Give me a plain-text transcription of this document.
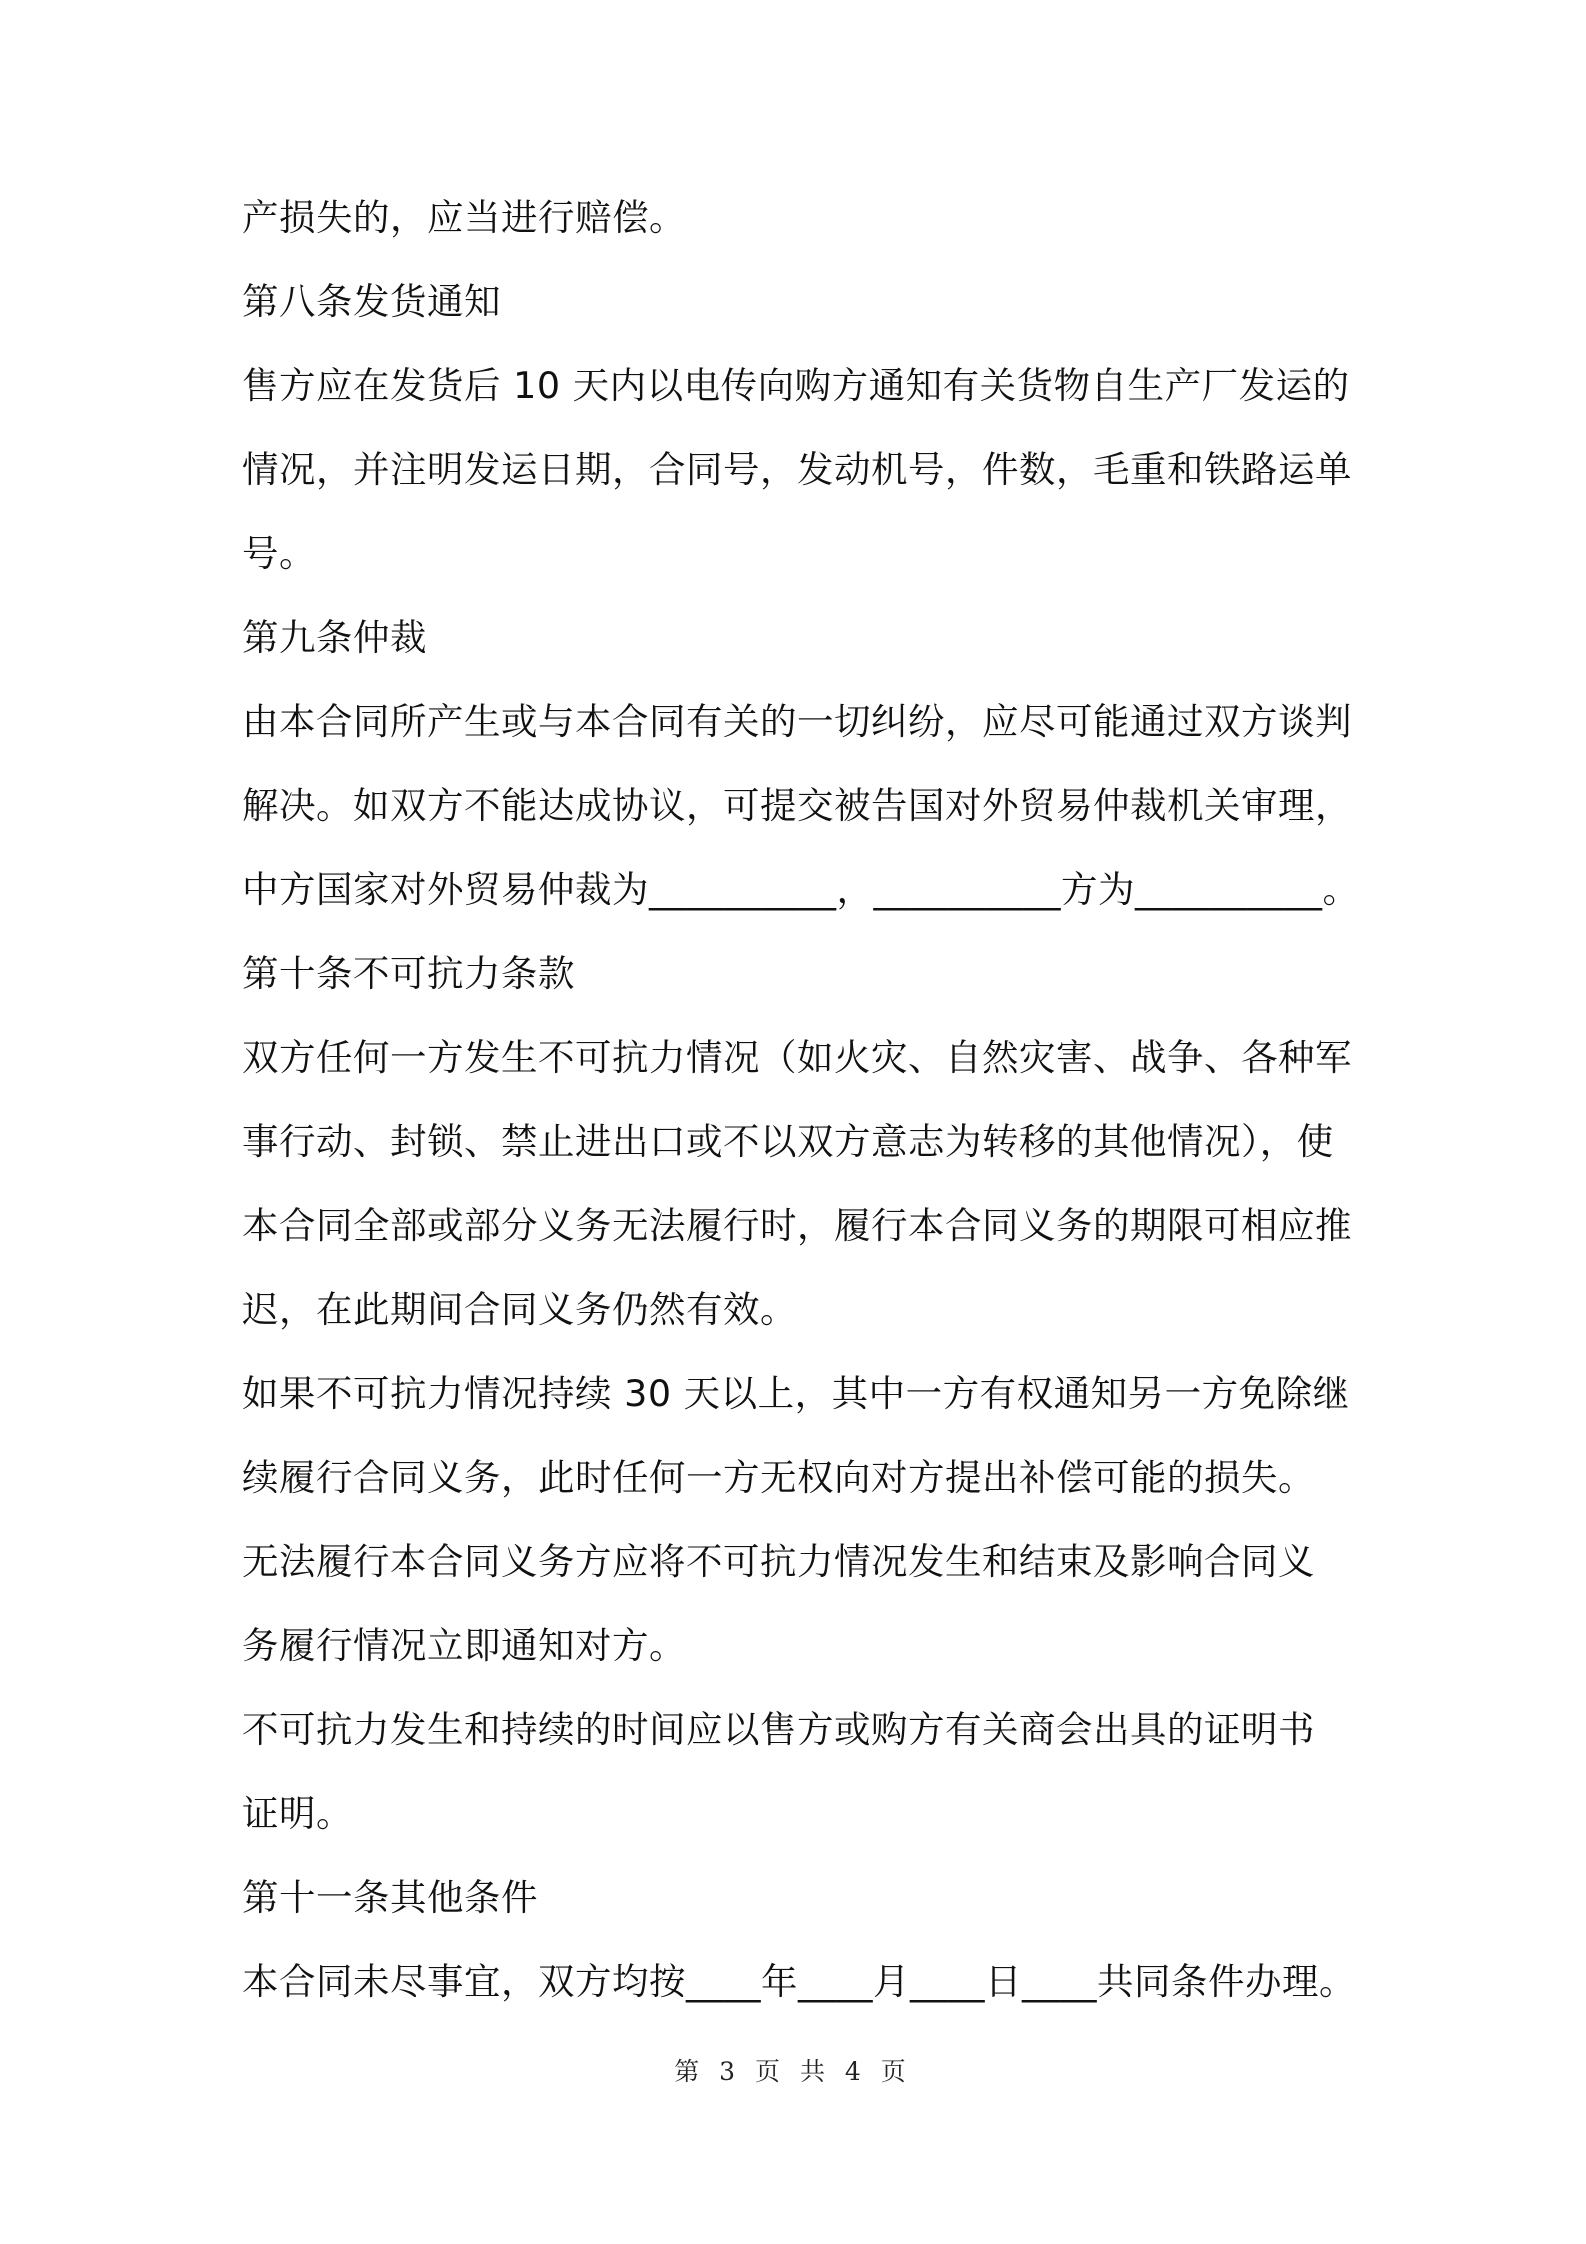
产损失的，应当进行赔偿。
第八条发货通知
售方应在发货后 10 天内以电传向购方通知有关货物自生产厂发运的
情况，并注明发运日期，合同号，发动机号，件数，毛重和铁路运单
号。
第九条仲裁
由本合同所产生或与本合同有关的一切纠纷，应尽可能通过双方谈判
解决。如双方不能达成协议，可提交被告国对外贸易仲裁机关审理，
中方国家对外贸易仲裁为__________，__________方为__________。
第十条不可抗力条款
双方任何一方发生不可抗力情况（如火灾、自然灾害、战争、各种军
事行动、封锁、禁止进出口或不以双方意志为转移的其他情况），使
本合同全部或部分义务无法履行时，履行本合同义务的期限可相应推
迟，在此期间合同义务仍然有效。
如果不可抗力情况持续 30 天以上，其中一方有权通知另一方免除继
续履行合同义务，此时任何一方无权向对方提出补偿可能的损失。
无法履行本合同义务方应将不可抗力情况发生和结束及影响合同义
务履行情况立即通知对方。
不可抗力发生和持续的时间应以售方或购方有关商会出具的证明书
证明。
第十一条其他条件
本合同未尽事宜，双方均按____年____月____日____共同条件办理。
第 3 页 共 4 页
